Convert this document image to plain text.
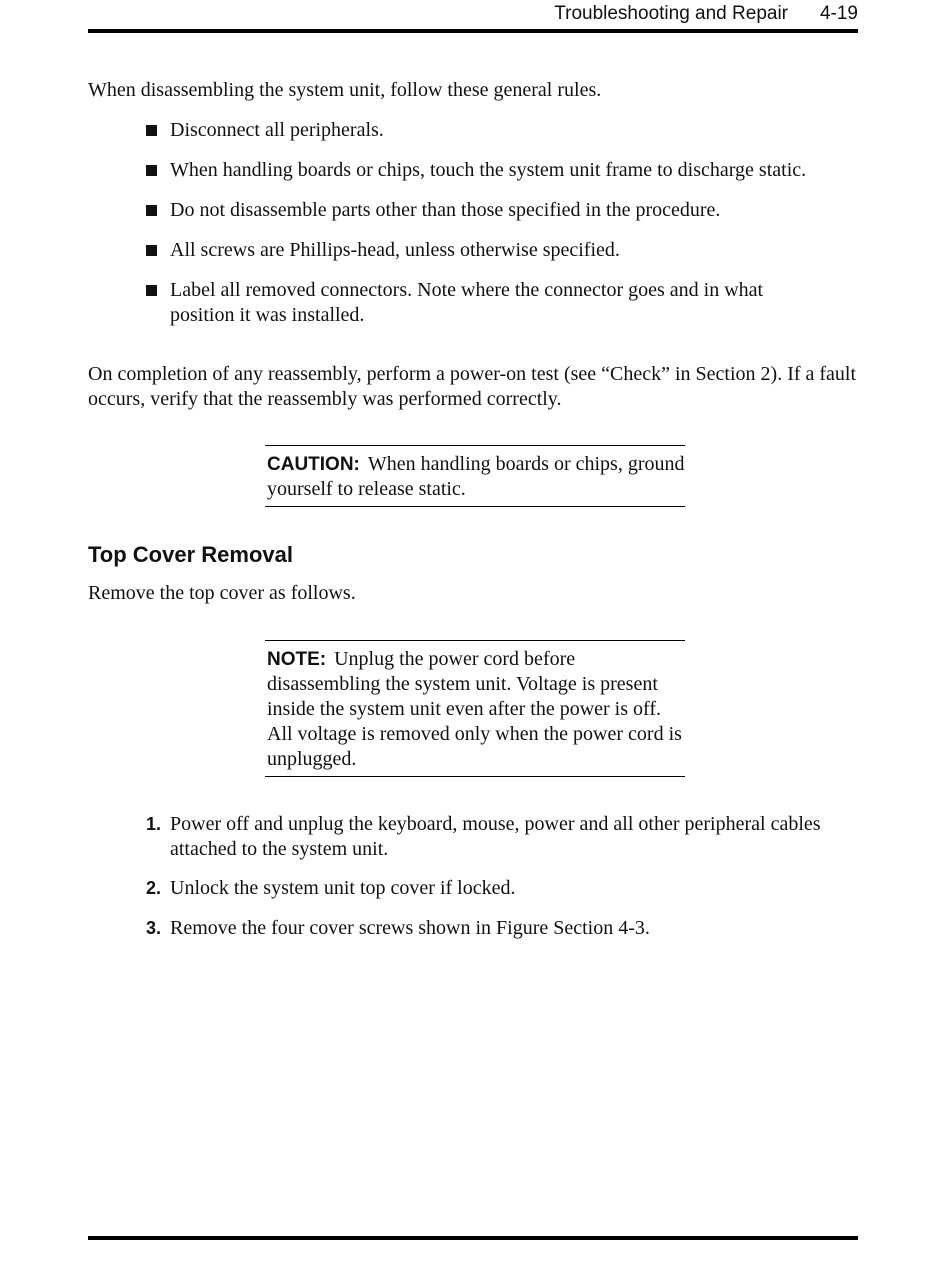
Troubleshooting and Repair 4-19

When disassembling the system unit, follow these general rules.

Disconnect all peripherals.
When handling boards or chips, touch the system unit frame to discharge static.
Do not disassemble parts other than those specified in the procedure.
All screws are Phillips-head, unless otherwise specified.
Label all removed connectors. Note where the connector goes and in what position it was installed.

On completion of any reassembly, perform a power-on test (see “Check” in Section 2). If a fault occurs, verify that the reassembly was performed correctly.

CAUTION: When handling boards or chips, ground yourself to release static.
Top Cover Removal

Remove the top cover as follows.

NOTE: Unplug the power cord before disassembling the system unit. Voltage is present inside the system unit even after the power is off. All voltage is removed only when the power cord is unplugged.
1. Power off and unplug the keyboard, mouse, power and all other peripheral cables attached to the system unit.
2. Unlock the system unit top cover if locked.
3. Remove the four cover screws shown in Figure Section 4-3.
